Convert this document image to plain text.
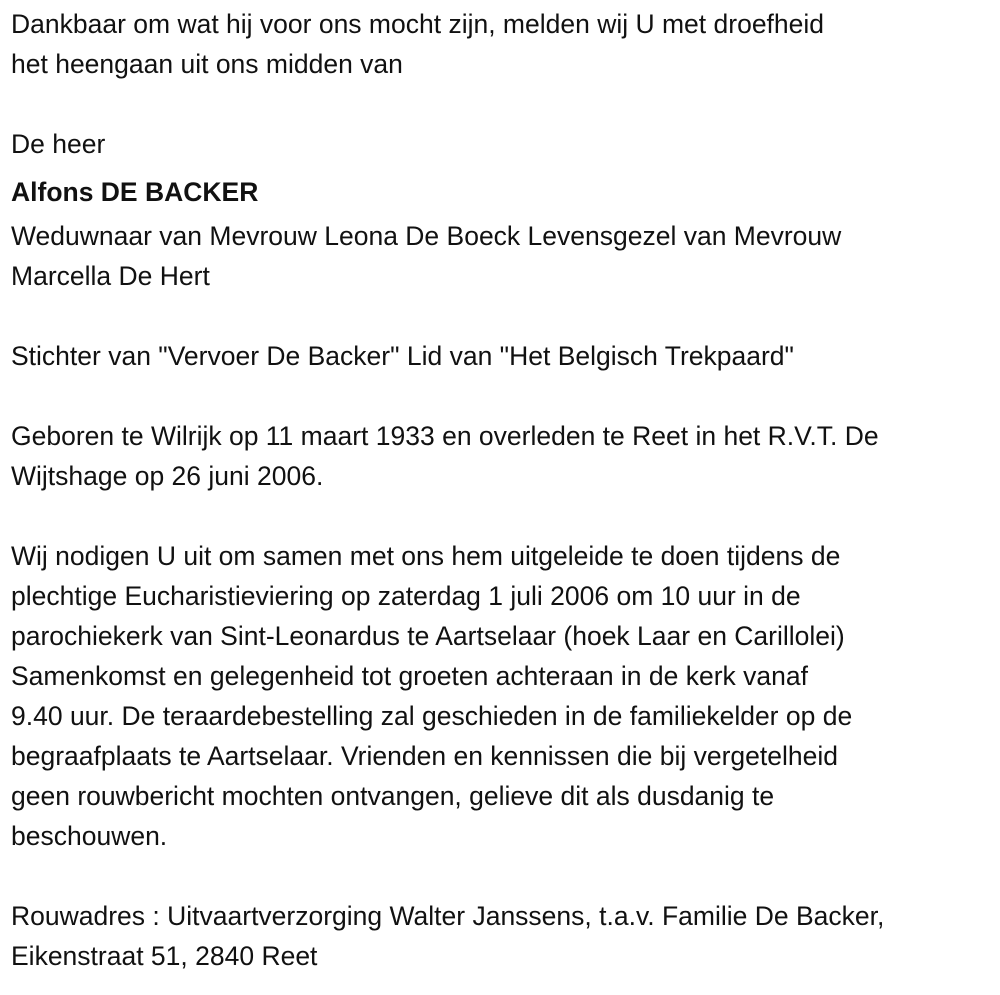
Dankbaar om wat hij voor ons mocht zijn, melden wij U met droefheid
het heengaan uit ons midden van
De heer
Alfons DE BACKER
Weduwnaar van Mevrouw Leona De Boeck Levensgezel van Mevrouw
Marcella De Hert
Stichter van "Vervoer De Backer" Lid van "Het Belgisch Trekpaard"
Geboren te Wilrijk op 11 maart 1933 en overleden te Reet in het R.V.T. De
Wijtshage op 26 juni 2006.
Wij nodigen U uit om samen met ons hem uitgeleide te doen tijdens de
plechtige Eucharistieviering op zaterdag 1 juli 2006 om 10 uur in de
parochiekerk van Sint-Leonardus te Aartselaar (hoek Laar en Carillolei)
Samenkomst en gelegenheid tot groeten achteraan in de kerk vanaf
9.40 uur. De teraardebestelling zal geschieden in de familiekelder op de
begraafplaats te Aartselaar. Vrienden en kennissen die bij vergetelheid
geen rouwbericht mochten ontvangen, gelieve dit als dusdanig te
beschouwen.
Rouwadres : Uitvaartverzorging Walter Janssens, t.a.v. Familie De Backer,
Eikenstraat 51, 2840 Reet
